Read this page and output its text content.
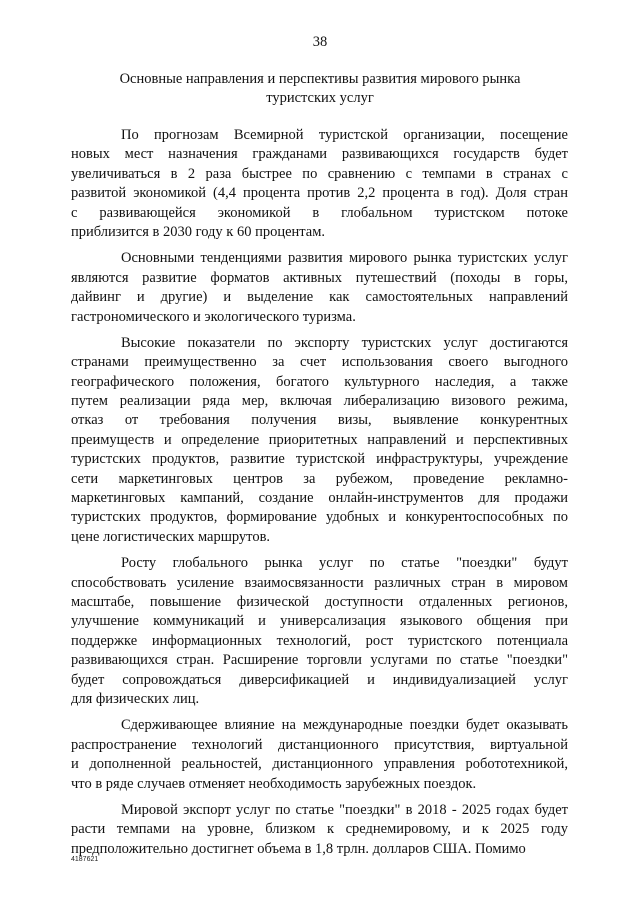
38
Основные направления и перспективы развития мирового рынка
туристских услуг
По прогнозам Всемирной туристской организации, посещение
новых мест назначения гражданами развивающихся государств будет
увеличиваться в 2 раза быстрее по сравнению с темпами в странах с
развитой экономикой (4,4 процента против 2,2 процента в год). Доля стран
с развивающейся экономикой в глобальном туристском потоке
приблизится в 2030 году к 60 процентам.
Основными тенденциями развития мирового рынка туристских услуг
являются развитие форматов активных путешествий (походы в горы,
дайвинг и другие) и выделение как самостоятельных направлений
гастрономического и экологического туризма.
Высокие показатели по экспорту туристских услуг достигаются
странами преимущественно за счет использования своего выгодного
географического положения, богатого культурного наследия, а также
путем реализации ряда мер, включая либерализацию визового режима,
отказ от требования получения визы, выявление конкурентных
преимуществ и определение приоритетных направлений и перспективных
туристских продуктов, развитие туристской инфраструктуры, учреждение
сети маркетинговых центров за рубежом, проведение рекламно-
маркетинговых кампаний, создание онлайн-инструментов для продажи
туристских продуктов, формирование удобных и конкурентоспособных по
цене логистических маршрутов.
Росту глобального рынка услуг по статье "поездки" будут
способствовать усиление взаимосвязанности различных стран в мировом
масштабе, повышение физической доступности отдаленных регионов,
улучшение коммуникаций и универсализация языкового общения при
поддержке информационных технологий, рост туристского потенциала
развивающихся стран. Расширение торговли услугами по статье "поездки"
будет сопровождаться диверсификацией и индивидуализацией услуг
для физических лиц.
Сдерживающее влияние на международные поездки будет оказывать
распространение технологий дистанционного присутствия, виртуальной
и дополненной реальностей, дистанционного управления робототехникой,
что в ряде случаев отменяет необходимость зарубежных поездок.
Мировой экспорт услуг по статье "поездки" в 2018 - 2025 годах будет
расти темпами на уровне, близком к среднемировому, и к 2025 году
предположительно достигнет объема в 1,8 трлн. долларов США. Помимо
4187621
